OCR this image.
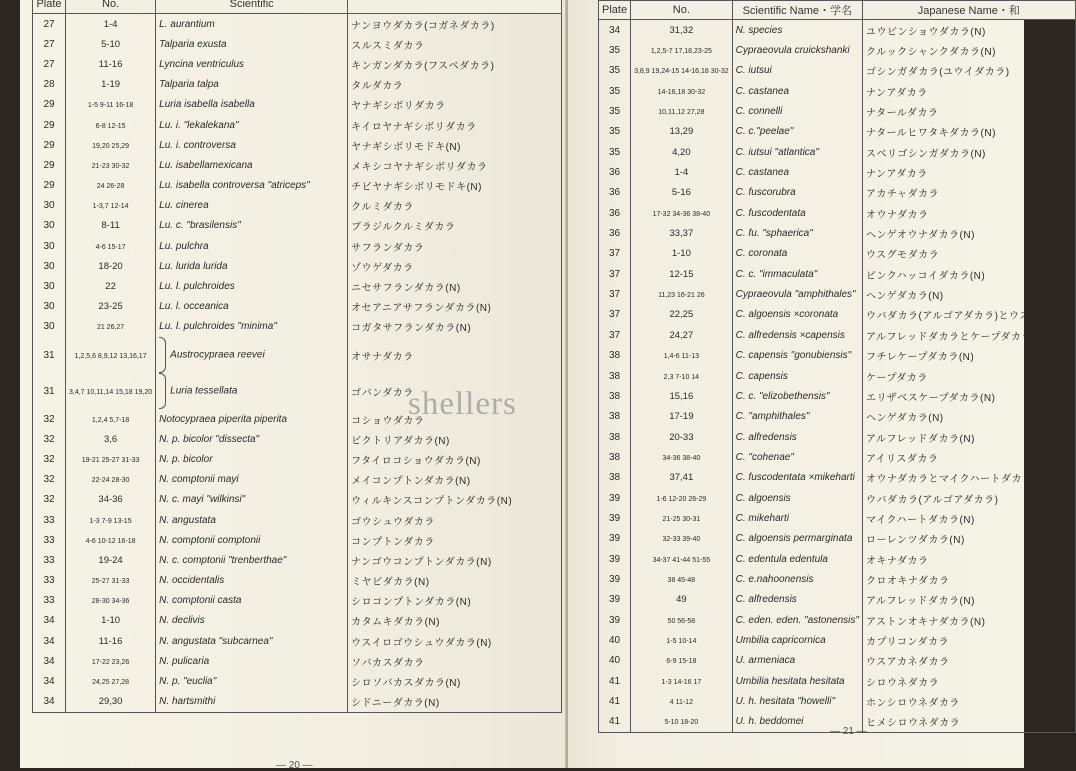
Plate	No.	Scientific	
27	1-4	L. aurantium	ナンヨウダカラ(コガネダカラ)
27	5-10	Talparia exusta	スルスミダカラ
27	11-16	Lyncina ventriculus	キンガンダカラ(フスベダカラ)
28	1-19	Talparia talpa	タルダカラ
29	1-5 9-11 16-18	Luria isabella isabella	ヤナギシボリダカラ
29	6-8 12-15	Lu. i. "lekalekana"	キイロヤナギシボリダカラ
29	19,20 25,29	Lu. i. controversa	ヤナギシボリモドキ(N)
29	21-23 30-32	Lu. isabellamexicana	メキシコヤナギシボリダカラ
29	24 26-28	Lu. isabella controversa "atriceps"	チビヤナギシボリモドキ(N)
30	1-3,7 12-14	Lu. cinerea	クルミダカラ
30	8-11	Lu. c. "brasilensis"	ブラジルクルミダカラ
30	4-6 15-17	Lu. pulchra	サフランダカラ
30	18-20	Lu. lurida lurida	ゾウゲダカラ
30	22	Lu. l. pulchroides	ニセサフランダカラ(N)
30	23-25	Lu. l. occeanica	オセアニアサフランダカラ(N)
30	21 26,27	Lu. l. pulchroides "minima"	コガタサフランダカラ(N)
31	1,2,5,6 8,9,12 13,16,17	Austrocypraea reevei	オサナダカラ
31	3,4,7 10,11,14 15,18 19,20	Luria tessellata	ゴバンダカラ
32	1,2,4 5,7-18	Notocypraea piperita piperita	コショウダカラ
32	3,6	N. p. bicolor "dissecta"	ビクトリアダカラ(N)
32	19-21 25-27 31-33	N. p. bicolor	フタイロコショウダカラ(N)
32	22-24 28-30	N. comptonii mayi	メイコンプトンダカラ(N)
32	34-36	N. c. mayi "wilkinsi"	ウィルキンスコンプトンダカラ(N)
33	1-3 7-9 13-15	N. angustata	ゴウシュウダカラ
33	4-6 10-12 16-18	N. comptonii comptonii	コンプトンダカラ
33	19-24	N. c. comptonii "trenberthae"	ナンゴウコンプトンダカラ(N)
33	25-27 31-33	N. occidentalis	ミヤビダカラ(N)
33	28-30 34-36	N. comptonii casta	シロコンプトンダカラ(N)
34	1-10	N. declivis	カタムキダカラ(N)
34	11-16	N. angustata "subcarnea"	ウスイロゴウシュウダカラ(N)
34	17-22 23,26	N. pulicaria	ソバカスダカラ
34	24,25 27,28	N. p. "euclia"	シロソバカスダカラ(N)
34	29,30	N. hartsmithi	シドニーダカラ(N)
— 20 —
Plate	No.	Scientific Name・学名	Japanese Name・和
34	31,32	N. species	ユウビンショウダカラ(N)
35	1,2,5-7 17,18,23-25	Cypraeovula cruickshanki	クルックシャンクダカラ(N)
35	3,8,9 19,24-15 14-16,18 30-32	C. iutsui	ゴシンガダカラ(ユウイダカラ)
35	14-16,18 30-32	C. castanea	ナンアダカラ
35	10,11,12 27,28	C. connelli	ナタールダカラ
35	13,29	C. c."peelae"	ナタールヒワタキダカラ(N)
35	4,20	C. iutsui "atlantica"	スベリゴシンガダカラ(N)
36	1-4	C. castanea	ナンアダカラ
36	5-16	C. fuscorubra	アカチャダカラ
36	17-32 34-36 38-40	C. fuscodentata	オウナダカラ
36	33,37	C. fu. "sphaerica"	ヘンゲオウナダカラ(N)
37	1-10	C. coronata	ウスグモダカラ
37	12-15	C. c. "immaculata"	ピンクハッコイダカラ(N)
37	11,23 16-21 26	Cypraeovula "amphithales"	ヘンゲダカラ(N)
37	22,25	C. algoensis ×coronata	ウバダカラ(アルゴアダカラ)とウスグモダカ
37	24,27	C. alfredensis ×capensis	アルフレッドダカラとケープダカラの
38	1,4-6 11-13	C. capensis "gonubiensis"	フチレケープダカラ(N)
38	2,3 7-10 14	C. capensis	ケープダカラ
38	15,16	C. c. "elizobethensis"	エリザベスケープダカラ(N)
38	17-19	C. "amphithales"	ヘンゲダカラ(N)
38	20-33	C. alfredensis	アルフレッドダカラ(N)
38	34-36 38-40	C. "cohenae"	アイリスダカラ
38	37,41	C. fuscodentata ×mikeharti	オウナダカラとマイクハートダカラ
39	1-6 12-20 26-29	C. algoensis	ウバダカラ(アルゴアダカラ)
39	21-25 30-31	C. mikeharti	マイクハートダカラ(N)
39	32-33 39-40	C. algoensis permarginata	ローレンツダカラ(N)
39	34-37 41-44 51-55	C. edentula edentula	オキナダカラ
39	38 45-48	C. e.nahoonensis	クロオキナダカラ
39	49	C. alfredensis	アルフレッドダカラ(N)
39	50 56-58	C. eden. eden. "astonensis"	アストンオキナダカラ(N)
40	1-5 10-14	Umbilia capricornica	カプリコンダカラ
40	6-9 15-18	U. armeniaca	ウスアカネダカラ
41	1-3 14-16 17	Umbilia hesitata hesitata	シロウネダカラ
41	4 11-12	U. h. hesitata "howelli"	ホンシロウネダカラ
41	5-10 18-20	U. h. beddomei	ヒメシロウネダカラ
— 21 —
shellers
